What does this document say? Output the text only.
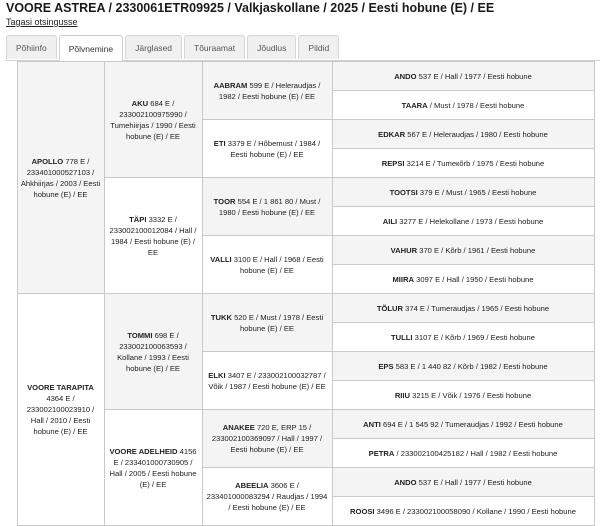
VOORE ASTREA / 2330061ETR09925 / Valkjaskollane / 2025 / Eesti hobune (E) / EE
Tagasi otsingusse
Põhiinfo	Põlvnemine	Järglased	Tõuraamat	Jõudlus	Pildid
	APOLLO 778 E / 233401000527103 / Ahkhiirjas / 2003 / Eesti hobune (E) / EE	AKU 684 E / 233002100975990 / Tumehiirjas / 1990 / Eesti hobune (E) / EE	AABRAM 599 E / Heleraudjas / 1982 / Eesti hobune (E) / EE	ANDO 537 E / Hall / 1977 / Eesti hobune
				TAARA / Must / 1978 / Eesti hobune
			ETI 3379 E / Hõbemust / 1984 / Eesti hobune (E) / EE	EDKAR 567 E / Heleraudjas / 1980 / Eesti hobune
				REPSI 3214 E / Tumeкõrb / 1975 / Eesti hobune
		TÄPI 3332 E / 233002100012084 / Hall / 1984 / Eesti hobune (E) / EE	TOOR 554 E / 1 861 80 / Must / 1980 / Eesti hobune (E) / EE	TOOTSI 379 E / Must / 1965 / Eesti hobune
				AILI 3277 E / Helekollane / 1973 / Eesti hobune
			VALLI 3100 E / Hall / 1968 / Eesti hobune (E) / EE	VAHUR 370 E / Kõrb / 1961 / Eesti hobune
				MIIRA 3097 E / Hall / 1950 / Eesti hobune
	VOORE TARAPITA 4364 E / 233002100023910 / Hall / 2010 / Eesti hobune (E) / EE	TOMMI 698 E / 233002100063593 / Kollane / 1993 / Eesti hobune (E) / EE	TUKK 520 E / Must / 1978 / Eesti hobune (E) / EE	TÕLUR 374 E / Tumeraudjas / 1965 / Eesti hobune
				TULLI 3107 E / Kõrb / 1969 / Eesti hobune
			ELKI 3407 E / 233002100032787 / Võik / 1987 / Eesti hobune (E) / EE	EPS 583 E / 1 440 82 / Kõrb / 1982 / Eesti hobune
				RIIU 3215 E / Võik / 1976 / Eesti hobune
		VOORE ADELHEID 4156 E / 233401000730905 / Hall / 2005 / Eesti hobune (E) / EE	ANAKEE 720 E, ERP 15 / 233002100369097 / Hall / 1997 / Eesti hobune (E) / EE	ANTI 694 E / 1 545 92 / Tumeraudjas / 1992 / Eesti hobune
				PETRA / 233002100425182 / Hall / 1982 / Eesti hobune
			ABEELIA 3606 E / 233401000083294 / Raudjas / 1994 / Eesti hobune (E) / EE	ANDO 537 E / Hall / 1977 / Eesti hobune
				ROOSI 3496 E / 233002100058090 / Kollane / 1990 / Eesti hobune
